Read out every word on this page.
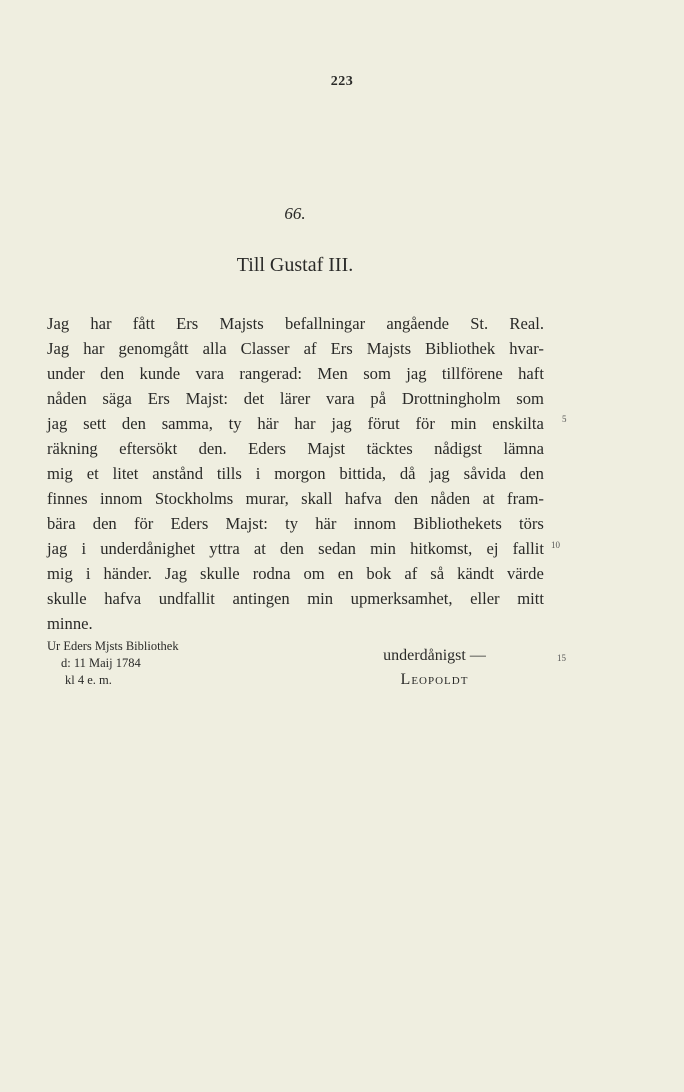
223
66.
Till Gustaf III.
Jag har fått Ers Majsts befallningar angående St. Real.
Jag har genomgått alla Classer af Ers Majsts Bibliothek hvar-
under den kunde vara rangerad: Men som jag tillförene haft
nåden säga Ers Majst: det lärer vara på Drottningholm som
jag sett den samma, ty här har jag förut för min enskilta
räkning eftersökt den. Eders Majst täcktes nådigst lämna
mig et litet anstånd tills i morgon bittida, då jag såvida den
finnes innom Stockholms murar, skall hafva den nåden at fram-
bära den för Eders Majst: ty här innom Bibliothekets törs
jag i underdånighet yttra at den sedan min hitkomst, ej fallit
mig i händer. Jag skulle rodna om en bok af så kändt värde
skulle hafva undfallit antingen min upmerksamhet, eller mitt
minne.
5
10
15
Ur Eders Mjsts Bibliothek
d: 11 Maij 1784
kl 4 e. m.
underdånigst —
Leopoldt
